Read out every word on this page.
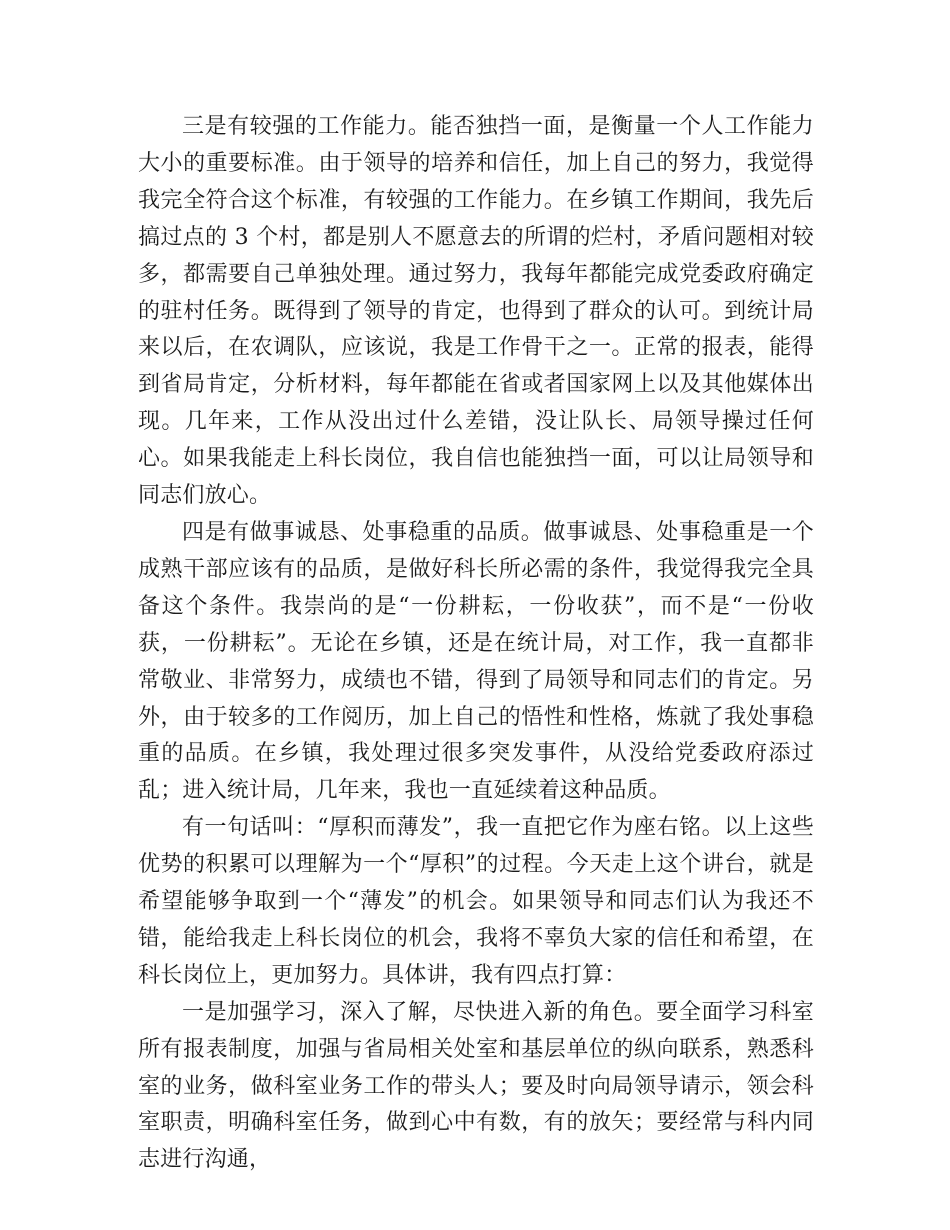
三是有较强的工作能力。能否独挡一面，是衡量一个人工作能力大小的重要标准。由于领导的培养和信任，加上自己的努力，我觉得我完全符合这个标准，有较强的工作能力。在乡镇工作期间，我先后搞过点的 3 个村，都是别人不愿意去的所谓的烂村，矛盾问题相对较多，都需要自己单独处理。通过努力，我每年都能完成党委政府确定的驻村任务。既得到了领导的肯定，也得到了群众的认可。到统计局来以后，在农调队，应该说，我是工作骨干之一。正常的报表，能得到省局肯定，分析材料，每年都能在省或者国家网上以及其他媒体出现。几年来，工作从没出过什么差错，没让队长、局领导操过任何心。如果我能走上科长岗位，我自信也能独挡一面，可以让局领导和同志们放心。

四是有做事诚恳、处事稳重的品质。做事诚恳、处事稳重是一个成熟干部应该有的品质，是做好科长所必需的条件，我觉得我完全具备这个条件。我崇尚的是“一份耕耘，一份收获”，而不是“一份收获，一份耕耘”。无论在乡镇，还是在统计局，对工作，我一直都非常敬业、非常努力，成绩也不错，得到了局领导和同志们的肯定。另外，由于较多的工作阅历，加上自己的悟性和性格，炼就了我处事稳重的品质。在乡镇，我处理过很多突发事件，从没给党委政府添过乱；进入统计局，几年来，我也一直延续着这种品质。

有一句话叫：“厚积而薄发”，我一直把它作为座右铭。以上这些优势的积累可以理解为一个“厚积”的过程。今天走上这个讲台，就是希望能够争取到一个“薄发”的机会。如果领导和同志们认为我还不错，能给我走上科长岗位的机会，我将不辜负大家的信任和希望，在科长岗位上，更加努力。具体讲，我有四点打算：

一是加强学习，深入了解，尽快进入新的角色。要全面学习科室所有报表制度，加强与省局相关处室和基层单位的纵向联系，熟悉科室的业务，做科室业务工作的带头人；要及时向局领导请示，领会科室职责，明确科室任务，做到心中有数，有的放矢；要经常与科内同志进行沟通，
